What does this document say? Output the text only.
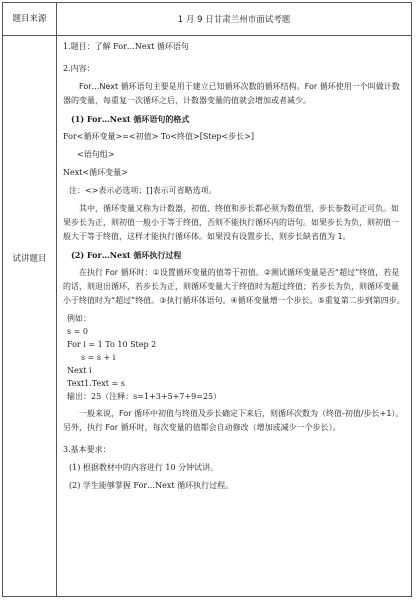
题目来源	1 月 9 日甘肃兰州市面试考题
试讲题目

1.题目：了解 For…Next 循环语句

2.内容：

For…Next 循环语句主要是用于建立已知循环次数的循环结构。For 循环使用一个叫做计数器的变量，每重复一次循环之后，计数器变量的值就会增加或者减少。

(1) For…Next 循环语句的格式

For<循环变量>=<初值> To<终值>[Step<步长>]

<语句组>

Next<循环变量>

注：<>表示必选项；[]表示可省略选项。

其中，循环变量又称为计数器，初值、终值和步长都必须为数值型，步长参数可正可负。如果步长为正，则初值一般小于等于终值，否则不能执行循环内的语句。如果步长为负，则初值一般大于等于终值，这样才能执行循环体。如果没有设置步长，则步长缺省值为 1。

(2) For…Next 循环执行过程

在执行 For 循环时：①设置循环变量的值等于初值。②测试循环变量是否“超过”终值，若是的话，则退出循环，若步长为正，则循环变量大于终值时为超过终值；若步长为负，则循环变量小于终值时为“超过”终值。③执行循环体语句。④循环变量增一个步长。⑤重复第二步到第四步。

例如：

s = 0

For i = 1 To 10 Step 2

s = s + i

Next i

Text1.Text = s

输出：25（注释：s=1+3+5+7+9=25）

一般来说，For 循环中初值与终值及步长确定下来后，则循环次数为（终值-初值/步长+1）。另外，执行 For 循环时，每次变量的值都会自动修改（增加或减少一个步长）。

3.基本要求：

(1) 根据教材中的内容进行 10 分钟试讲。

(2) 学生能够掌握 For…Next 循环执行过程。
